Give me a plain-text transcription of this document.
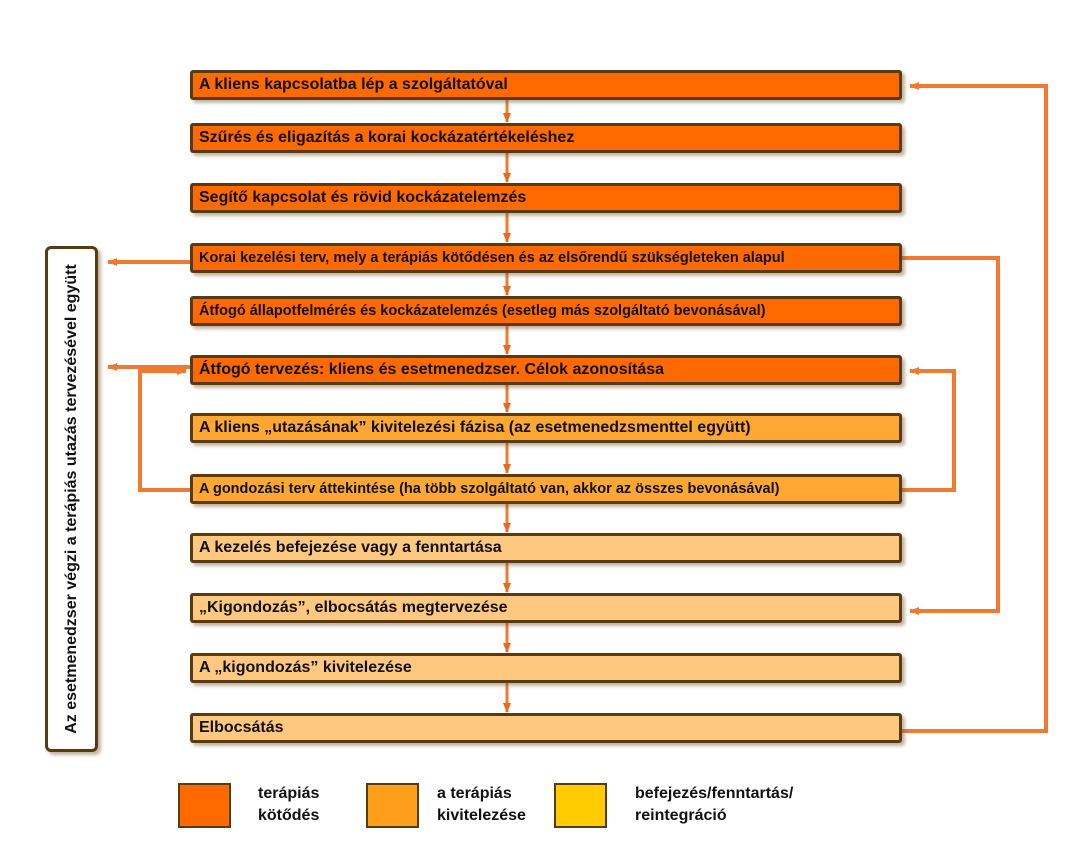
A kliens kapcsolatba lép a szolgáltatóval
Szűrés és eligazítás a korai kockázatértékeléshez
Segítő kapcsolat és rövid kockázatelemzés
Korai kezelési terv, mely a terápiás kötődésen és az elsőrendű szükségleteken alapul
Átfogó állapotfelmérés és kockázatelemzés (esetleg más szolgáltató bevonásával)
Átfogó tervezés: kliens és esetmenedzser. Célok azonosítása
A kliens „utazásának” kivitelezési fázisa (az esetmenedzsmenttel együtt)
A gondozási terv áttekintése (ha több szolgáltató van, akkor az összes bevonásával)
A kezelés befejezése vagy a fenntartása
„Kigondozás”, elbocsátás megtervezése
A „kigondozás” kivitelezése
Elbocsátás
Az esetmenedzser végzi a terápiás utazás tervezésével együtt
terápiás
kötődés
a terápiás
kivitelezése
befejezés/fenntartás/
reintegráció
